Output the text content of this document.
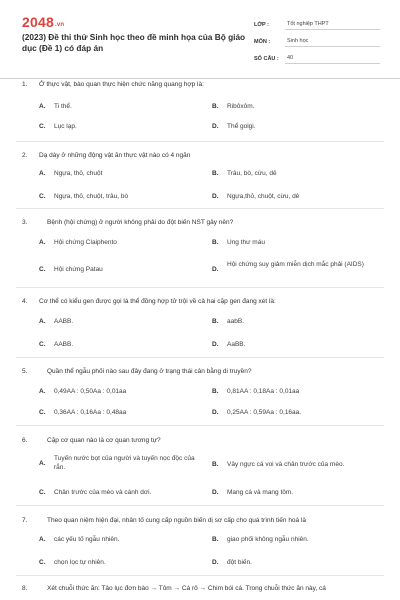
2048.vn
(2023) Đề thi thử Sinh học theo đề minh họa của Bộ giáo dục (Đề 1) có đáp án
LỚP :	Tốt nghiệp THPT
MÔN :	Sinh học
SỐ CÂU :	40
1. Ở thực vật, bào quan thực hiện chức năng quang hợp là:
A. Ti thể.	B. Ribôxôm.
C. Lục lạp.	D. Thể golgi.
2. Dạ dày ở những động vật ăn thực vật nào có 4 ngăn
A. Ngựa, thỏ, chuột	B. Trâu, bò, cừu, dê
C. Ngựa, thỏ, chuột, trâu, bò	D. Ngựa,thỏ, chuột, cừu, dê
3.	Bệnh (hội chứng) ở người không phải do đột biến NST gây nên?
A. Hội chứng Claiphento	B. Ung thư máu
C. Hội chứng Patau	D.
Hội chứng suy giảm miễn dịch mắc phải (AIDS)
4. Cơ thể có kiểu gen được gọi là thể đồng hợp tử trội về cả hai cặp gen đang xét là:
A. AABB.	B. aabB.
C. AABB.	D. AaBB.
5.	Quần thể ngẫu phối nào sau đây đang ở trạng thái cân bằng di truyền?
A. 0,49AA : 0,50Aa : 0,01aa	B. 0,81AA : 0,18Aa : 0,01aa
C. 0,36AA : 0,16Aa : 0,48aa	D. 0,25AA : 0,59Aa : 0,16aa.
6.	Cặp cơ quan nào là cơ quan tương tự?
A.
Tuyến nước bọt của người và tuyến nọc độc của rắn.	B. Vây ngực cá voi và chân trước của mèo.
C. Chân trước của mèo và cánh dơi.	D. Mang cá và mang tôm.
7.	Theo quan niệm hiện đại, nhân tố cung cấp nguồn biến dị sơ cấp cho quá trình tiến hoá là
A. các yếu tố ngẫu nhiên.	B. giao phối không ngẫu nhiên.
C. chọn lọc tự nhiên.	D. đột biến.
8.	Xét chuỗi thức ăn: Tảo lục đơn bào → Tôm → Cá rô → Chim bói cá. Trong chuỗi thức ăn này, cá
